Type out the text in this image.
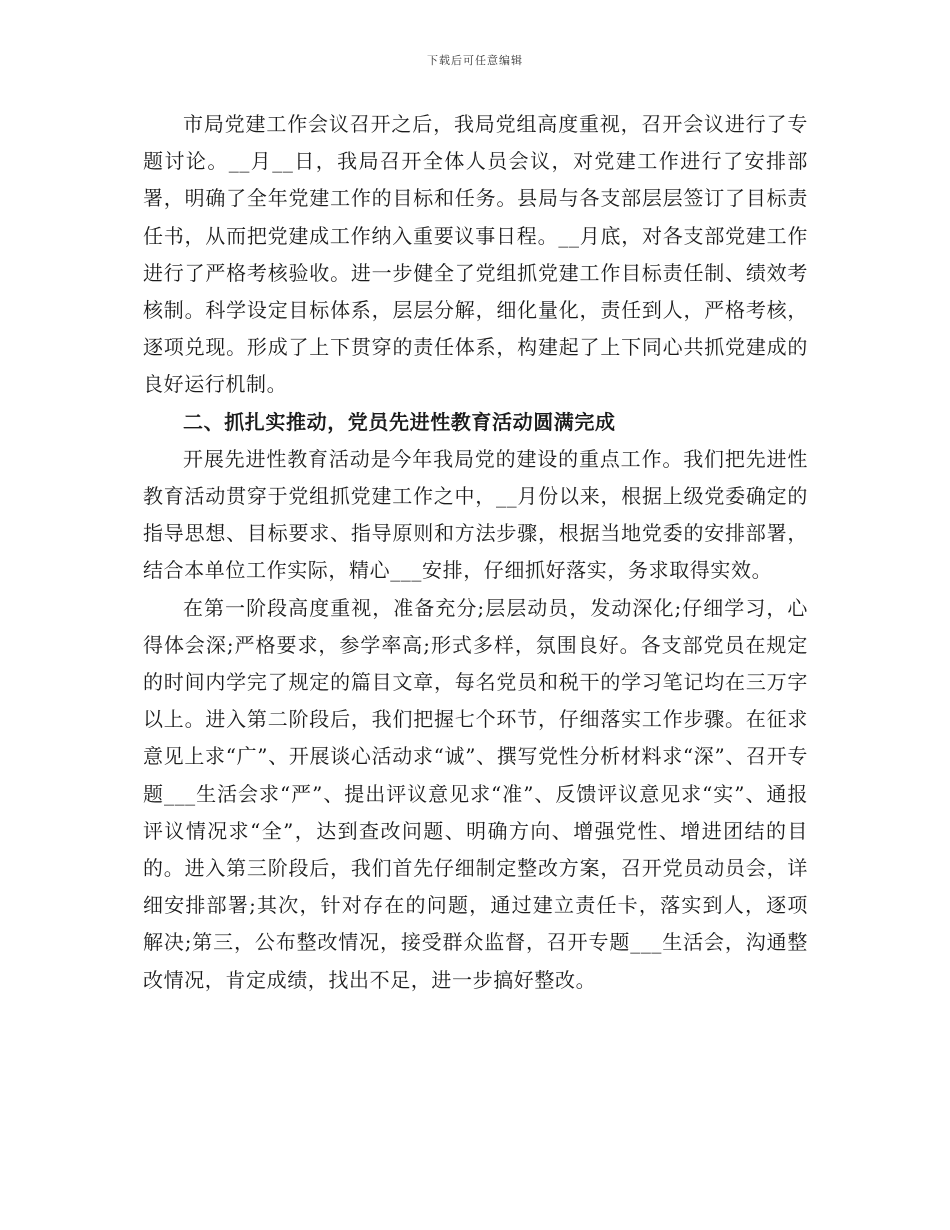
下载后可任意编辑

市局党建工作会议召开之后，我局党组高度重视，召开会议进行了专题讨论。__月__日，我局召开全体人员会议，对党建工作进行了安排部署，明确了全年党建工作的目标和任务。县局与各支部层层签订了目标责任书，从而把党建成工作纳入重要议事日程。__月底，对各支部党建工作进行了严格考核验收。进一步健全了党组抓党建工作目标责任制、绩效考核制。科学设定目标体系，层层分解，细化量化，责任到人，严格考核，逐项兑现。形成了上下贯穿的责任体系，构建起了上下同心共抓党建成的良好运行机制。

二、抓扎实推动，党员先进性教育活动圆满完成

开展先进性教育活动是今年我局党的建设的重点工作。我们把先进性教育活动贯穿于党组抓党建工作之中，__月份以来，根据上级党委确定的指导思想、目标要求、指导原则和方法步骤，根据当地党委的安排部署，结合本单位工作实际，精心___安排，仔细抓好落实，务求取得实效。

在第一阶段高度重视，准备充分;层层动员，发动深化;仔细学习，心得体会深;严格要求，参学率高;形式多样，氛围良好。各支部党员在规定的时间内学完了规定的篇目文章，每名党员和税干的学习笔记均在三万字以上。进入第二阶段后，我们把握七个环节，仔细落实工作步骤。在征求意见上求“广”、开展谈心活动求“诚”、撰写党性分析材料求“深”、召开专题___生活会求“严”、提出评议意见求“准”、反馈评议意见求“实”、通报评议情况求“全”，达到查改问题、明确方向、增强党性、增进团结的目的。进入第三阶段后，我们首先仔细制定整改方案，召开党员动员会，详细安排部署;其次，针对存在的问题，通过建立责任卡，落实到人，逐项解决;第三，公布整改情况，接受群众监督，召开专题___生活会，沟通整改情况，肯定成绩，找出不足，进一步搞好整改。
